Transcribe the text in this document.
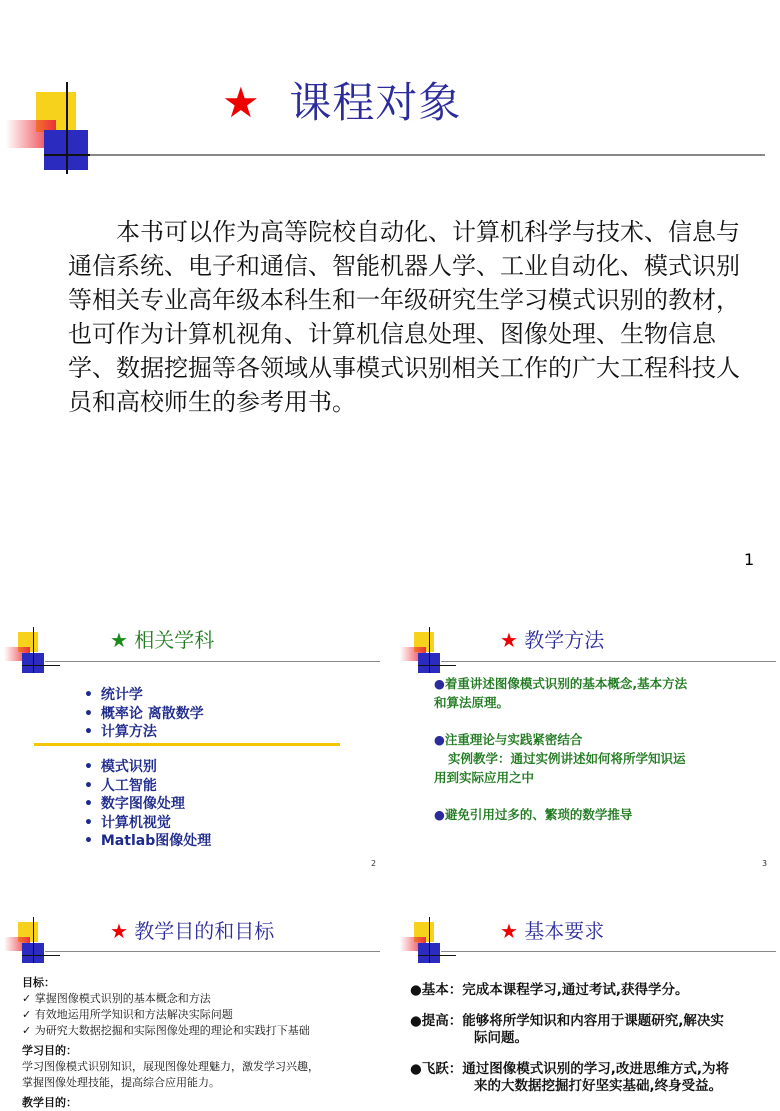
★ 课程对象

本书可以作为高等院校自动化、计算机科学与技术、信息与通信系统、电子和通信、智能机器人学、工业自动化、模式识别等相关专业高年级本科生和一年级研究生学习模式识别的教材，也可作为计算机视角、计算机信息处理、图像处理、生物信息学、数据挖掘等各领域从事模式识别相关工作的广大工程科技人员和高校师生的参考用书。

1
★ 相关学科
• 统计学
• 概率论 离散数学
• 计算方法
• 模式识别
• 人工智能
• 数字图像处理
• 计算机视觉
• Matlab图像处理
2
★ 教学方法
●着重讲述图像模式识别的基本概念,基本方法
和算法原理。
●注重理论与实践紧密结合
实例教学：通过实例讲述如何将所学知识运
用到实际应用之中
●避免引用过多的、繁琐的数学推导
3
★ 教学目的和目标
目标：
✓ 掌握图像模式识别的基本概念和方法
✓ 有效地运用所学知识和方法解决实际问题
✓ 为研究大数据挖掘和实际图像处理的理论和实践打下基础
学习目的：
学习图像模式识别知识，展现图像处理魅力，激发学习兴趣，
掌握图像处理技能，提高综合应用能力。
教学目的：
★ 基本要求
●基本：完成本课程学习,通过考试,获得学分。
●提高：能够将所学知识和内容用于课题研究,解决实
际问题。
●飞跃：通过图像模式识别的学习,改进思维方式,为将
来的大数据挖掘打好坚实基础,终身受益。
